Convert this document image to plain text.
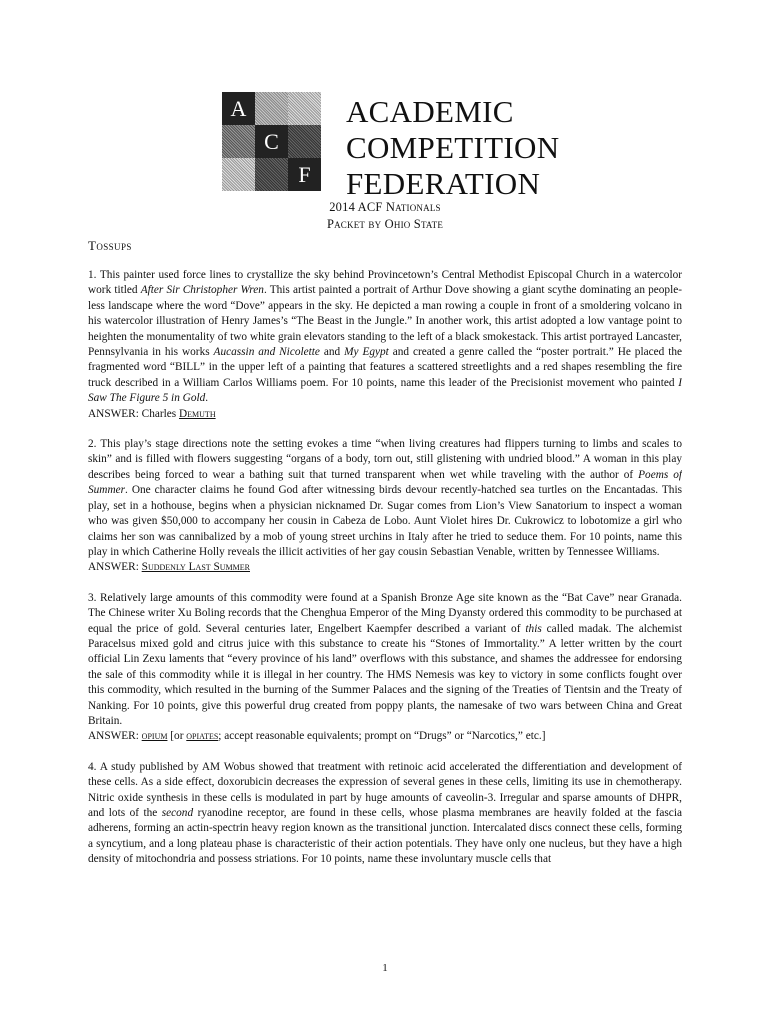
A
C
F
ACADEMIC
COMPETITION
FEDERATION
2014 ACF Nationals
Packet by Ohio State
Tossups

1. This painter used force lines to crystallize the sky behind Provincetown’s Central Methodist Episcopal Church in a watercolor work titled After Sir Christopher Wren. This artist painted a portrait of Arthur Dove showing a giant scythe dominating an people-less landscape where the word “Dove” appears in the sky. He depicted a man rowing a couple in front of a smoldering volcano in his watercolor illustration of Henry James’s “The Beast in the Jungle.” In another work, this artist adopted a low vantage point to heighten the monumentality of two white grain elevators standing to the left of a black smokestack. This artist portrayed Lancaster, Pennsylvania in his works Aucassin and Nicolette and My Egypt and created a genre called the “poster portrait.” He placed the fragmented word “BILL” in the upper left of a painting that features a scattered streetlights and a red shapes resembling the fire truck described in a William Carlos Williams poem. For 10 points, name this leader of the Precisionist movement who painted I Saw The Figure 5 in Gold.

ANSWER: Charles Demuth

2. This play’s stage directions note the setting evokes a time “when living creatures had flippers turning to limbs and scales to skin” and is filled with flowers suggesting “organs of a body, torn out, still glistening with undried blood.” A woman in this play describes being forced to wear a bathing suit that turned transparent when wet while traveling with the author of Poems of Summer. One character claims he found God after witnessing birds devour recently-hatched sea turtles on the Encantadas. This play, set in a hothouse, begins when a physician nicknamed Dr. Sugar comes from Lion’s View Sanatorium to inspect a woman who was given $50,000 to accompany her cousin in Cabeza de Lobo. Aunt Violet hires Dr. Cukrowicz to lobotomize a girl who claims her son was cannibalized by a mob of young street urchins in Italy after he tried to seduce them. For 10 points, name this play in which Catherine Holly reveals the illicit activities of her gay cousin Sebastian Venable, written by Tennessee Williams.

ANSWER: Suddenly Last Summer

3. Relatively large amounts of this commodity were found at a Spanish Bronze Age site known as the “Bat Cave” near Granada. The Chinese writer Xu Boling records that the Chenghua Emperor of the Ming Dyansty ordered this commodity to be purchased at equal the price of gold. Several centuries later, Engelbert Kaempfer described a variant of this called madak. The alchemist Paracelsus mixed gold and citrus juice with this substance to create his “Stones of Immortality.” A letter written by the court official Lin Zexu laments that “every province of his land” overflows with this substance, and shames the addressee for endorsing the sale of this commodity while it is illegal in her country. The HMS Nemesis was key to victory in some conflicts fought over this commodity, which resulted in the burning of the Summer Palaces and the signing of the Treaties of Tientsin and the Treaty of Nanking. For 10 points, give this powerful drug created from poppy plants, the namesake of two wars between China and Great Britain.

ANSWER: opium [or opiates; accept reasonable equivalents; prompt on “Drugs” or “Narcotics,” etc.]

4. A study published by AM Wobus showed that treatment with retinoic acid accelerated the differentiation and development of these cells. As a side effect, doxorubicin decreases the expression of several genes in these cells, limiting its use in chemotherapy. Nitric oxide synthesis in these cells is modulated in part by huge amounts of caveolin-3. Irregular and sparse amounts of DHPR, and lots of the second ryanodine receptor, are found in these cells, whose plasma membranes are heavily folded at the fascia adherens, forming an actin-spectrin heavy region known as the transitional junction. Intercalated discs connect these cells, forming a syncytium, and a long plateau phase is characteristic of their action potentials. They have only one nucleus, but they have a high density of mitochondria and possess striations. For 10 points, name these involuntary muscle cells that

1
